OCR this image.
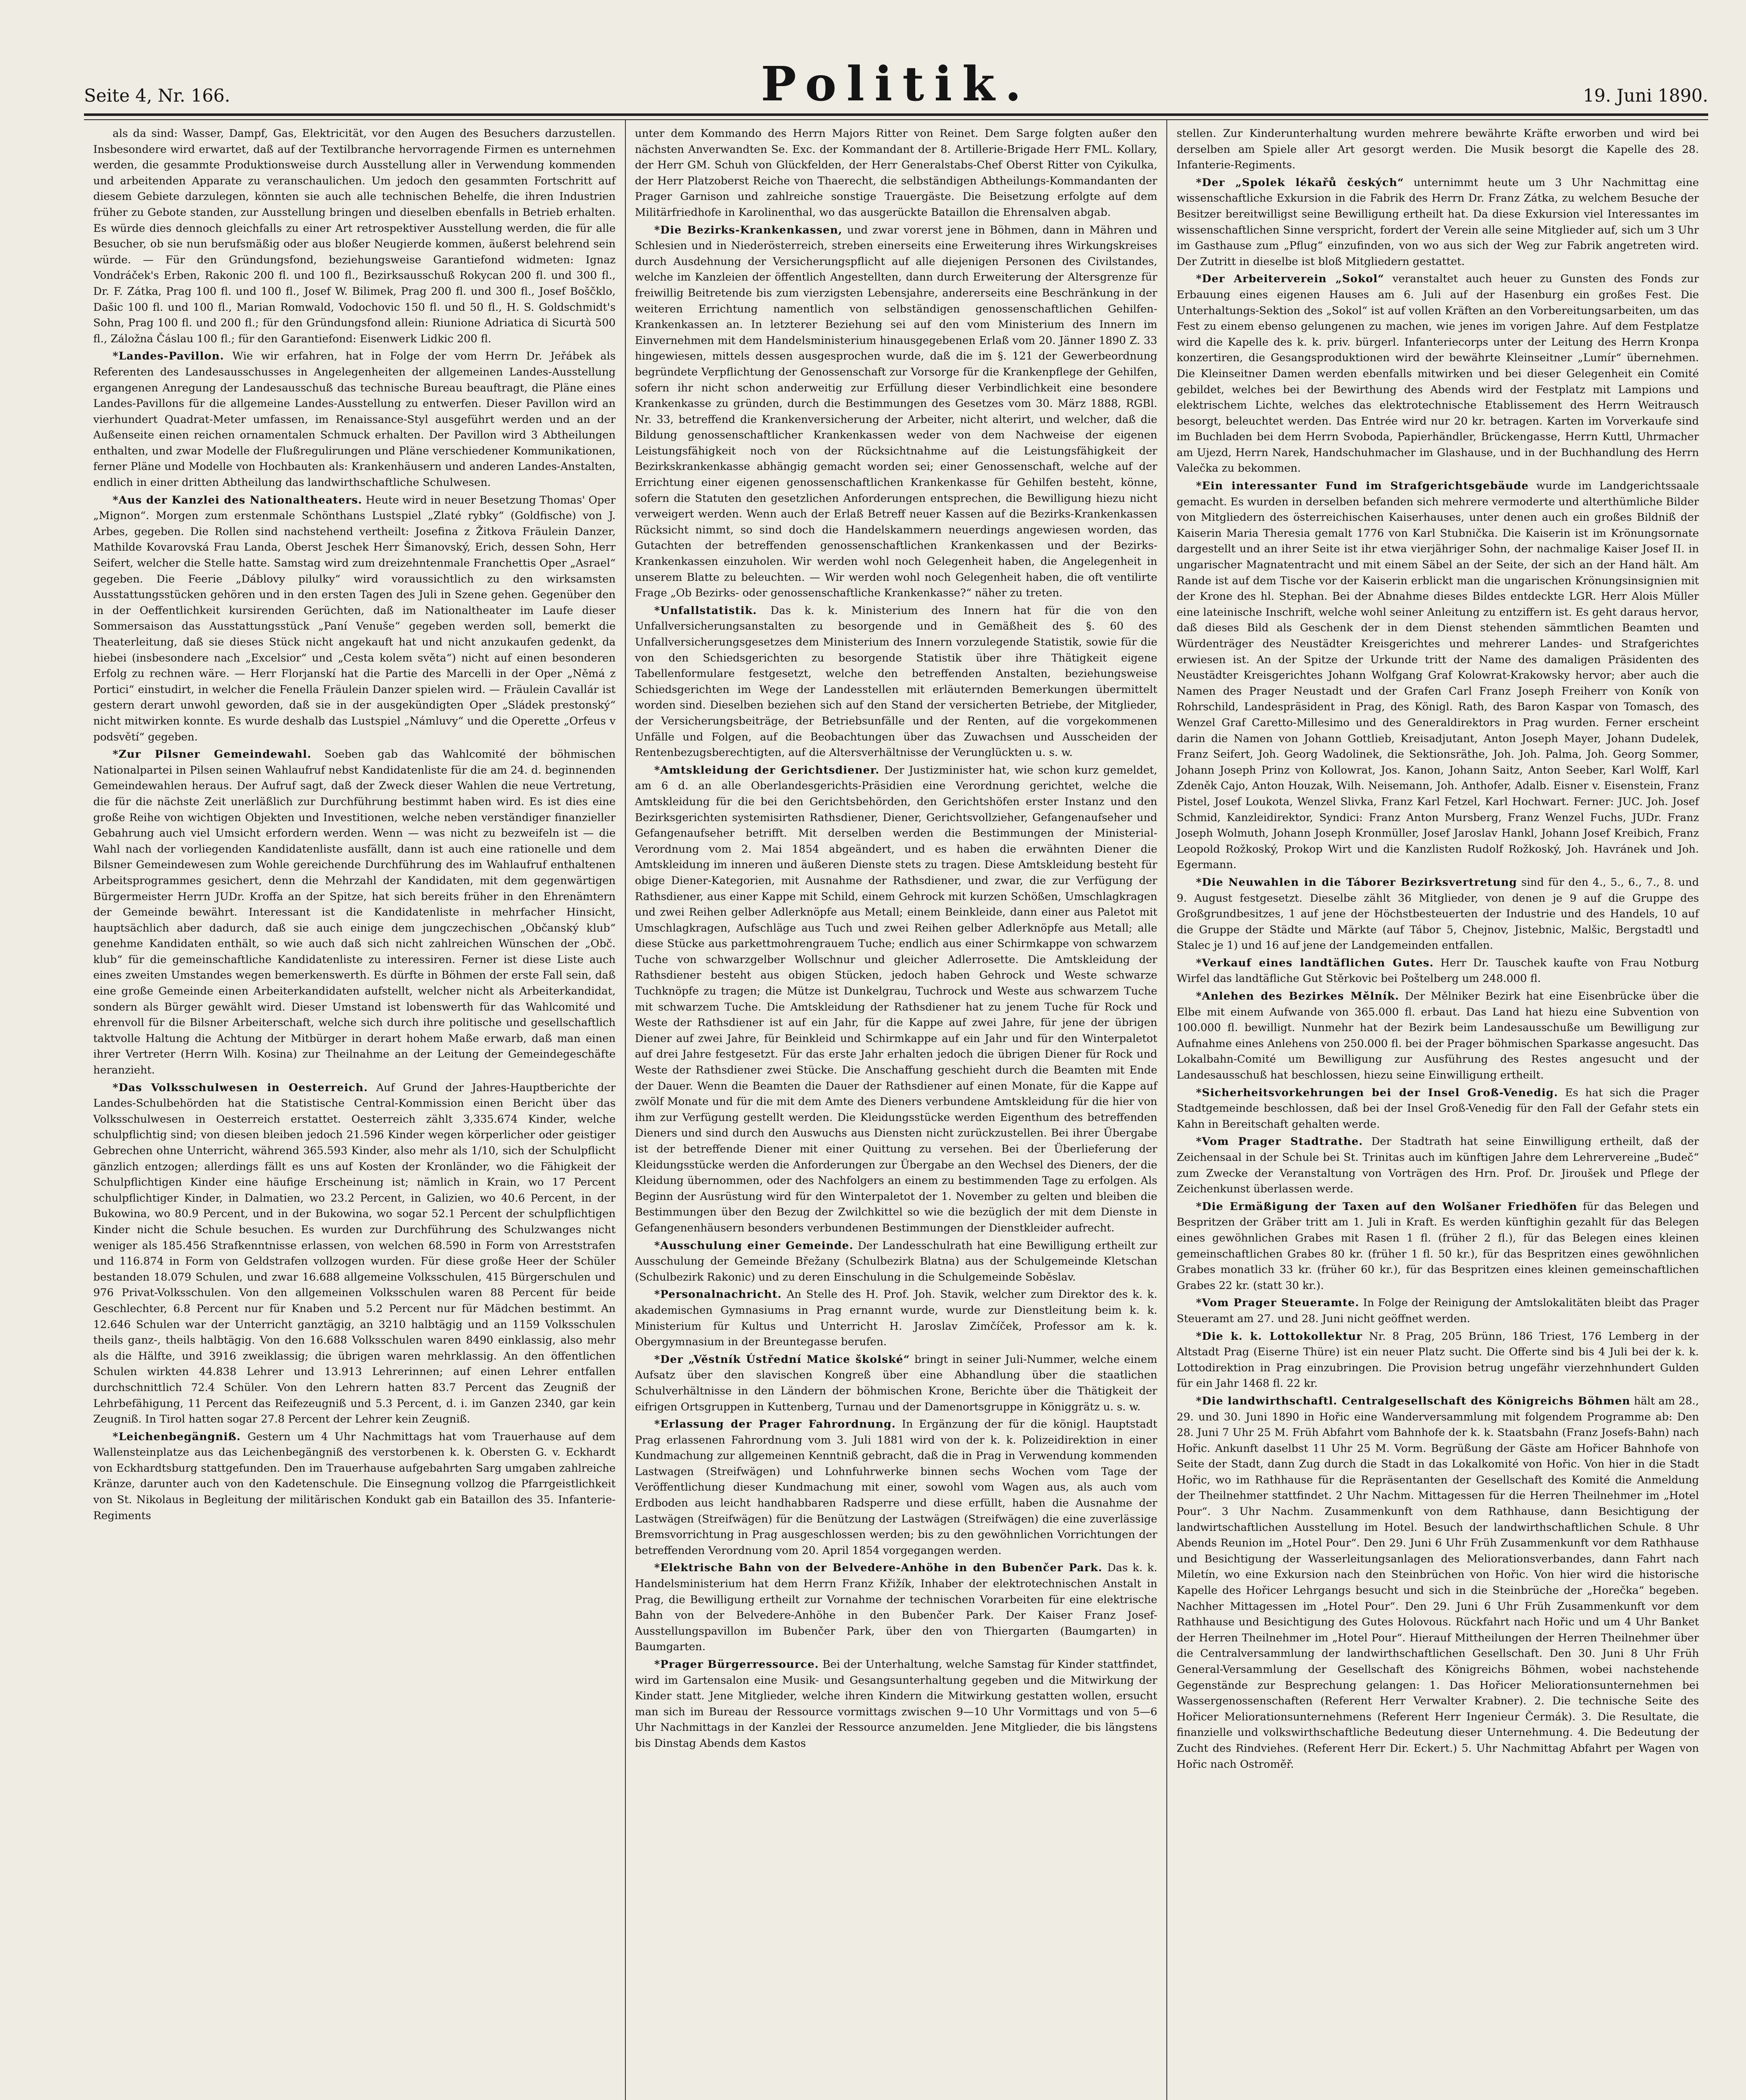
Seite 4, Nr. 166.	Politik.	19. Juni 1890.

als da sind: Wasser, Dampf, Gas, Elektricität, vor den Augen des Besuchers darzustellen. Insbesondere wird erwartet, daß auf der Textilbranche hervorragende Firmen es unternehmen werden, die gesammte Produktionsweise durch Ausstellung aller in Verwendung kommenden und arbeitenden Apparate zu veranschaulichen. Um jedoch den gesammten Fortschritt auf diesem Gebiete darzulegen, könnten sie auch alle technischen Behelfe, die ihren Industrien früher zu Gebote standen, zur Ausstellung bringen und dieselben ebenfalls in Betrieb erhalten. Es würde dies dennoch gleichfalls zu einer Art retrospektiver Ausstellung werden, die für alle Besucher, ob sie nun berufsmäßig oder aus bloßer Neugierde kommen, äußerst belehrend sein würde. — Für den Gründungsfond, beziehungsweise Garantiefond widmeten: Ignaz Vondráček's Erben, Rakonic 200 fl. und 100 fl., Bezirksausschuß Rokycan 200 fl. und 300 fl., Dr. F. Zátka, Prag 100 fl. und 100 fl., Josef W. Bilimek, Prag 200 fl. und 300 fl., Josef Boščklo, Dašic 100 fl. und 100 fl., Marian Romwald, Vodochovic 150 fl. und 50 fl., H. S. Goldschmidt's Sohn, Prag 100 fl. und 200 fl.; für den Gründungsfond allein: Riunione Adriatica di Sicurtà 500 fl., Záložna Čáslau 100 fl.; für den Garantiefond: Eisenwerk Lidkic 200 fl.

*Landes-Pavillon. Wie wir erfahren, hat in Folge der vom Herrn Dr. Jeřábek als Referenten des Landesausschusses in Angelegenheiten der allgemeinen Landes-Ausstellung ergangenen Anregung der Landesausschuß das technische Bureau beauftragt, die Pläne eines Landes-Pavillons für die allgemeine Landes-Ausstellung zu entwerfen. Dieser Pavillon wird an vierhundert Quadrat-Meter umfassen, im Renaissance-Styl ausgeführt werden und an der Außenseite einen reichen ornamentalen Schmuck erhalten. Der Pavillon wird 3 Abtheilungen enthalten, und zwar Modelle der Flußregulirungen und Pläne verschiedener Kommunikationen, ferner Pläne und Modelle von Hochbauten als: Krankenhäusern und anderen Landes-Anstalten, endlich in einer dritten Abtheilung das landwirthschaftliche Schulwesen.

*Aus der Kanzlei des Nationaltheaters. Heute wird in neuer Besetzung Thomas' Oper „Mignon“. Morgen zum erstenmale Schönthans Lustspiel „Zlaté rybky“ (Goldfische) von J. Arbes, gegeben. Die Rollen sind nachstehend vertheilt: Josefina z Žitkova Fräulein Danzer, Mathilde Kovarovská Frau Landa, Oberst Jeschek Herr Šimanovský, Erich, dessen Sohn, Herr Seifert, welcher die Stelle hatte. Samstag wird zum dreizehntenmale Franchettis Oper „Asrael“ gegeben. Die Feerie „Dáblovy pilulky“ wird voraussichtlich zu den wirksamsten Ausstattungsstücken gehören und in den ersten Tagen des Juli in Szene gehen. Gegenüber den in der Oeffentlichkeit kursirenden Gerüchten, daß im Nationaltheater im Laufe dieser Sommersaison das Ausstattungsstück „Paní Venuše“ gegeben werden soll, bemerkt die Theaterleitung, daß sie dieses Stück nicht angekauft hat und nicht anzukaufen gedenkt, da hiebei (insbesondere nach „Excelsior“ und „Cesta kolem světa“) nicht auf einen besonderen Erfolg zu rechnen wäre. — Herr Florjanskí hat die Partie des Marcelli in der Oper „Němá z Portici“ einstudirt, in welcher die Fenella Fräulein Danzer spielen wird. — Fräulein Cavallár ist gestern derart unwohl geworden, daß sie in der ausgekündigten Oper „Sládek prestonský“ nicht mitwirken konnte. Es wurde deshalb das Lustspiel „Námluvy“ und die Operette „Orfeus v podsvětí“ gegeben.

*Zur Pilsner Gemeindewahl. Soeben gab das Wahlcomité der böhmischen Nationalpartei in Pilsen seinen Wahlaufruf nebst Kandidatenliste für die am 24. d. beginnenden Gemeindewahlen heraus. Der Aufruf sagt, daß der Zweck dieser Wahlen die neue Vertretung, die für die nächste Zeit unerläßlich zur Durchführung bestimmt haben wird. Es ist dies eine große Reihe von wichtigen Objekten und Investitionen, welche neben verständiger finanzieller Gebahrung auch viel Umsicht erfordern werden. Wenn — was nicht zu bezweifeln ist — die Wahl nach der vorliegenden Kandidatenliste ausfällt, dann ist auch eine rationelle und dem Bilsner Gemeindewesen zum Wohle gereichende Durchführung des im Wahlaufruf enthaltenen Arbeitsprogrammes gesichert, denn die Mehrzahl der Kandidaten, mit dem gegenwärtigen Bürgermeister Herrn JUDr. Kroffa an der Spitze, hat sich bereits früher in den Ehrenämtern der Gemeinde bewährt. Interessant ist die Kandidatenliste in mehrfacher Hinsicht, hauptsächlich aber dadurch, daß sie auch einige dem jungczechischen „Občanský klub“ genehme Kandidaten enthält, so wie auch daß sich nicht zahlreichen Wünschen der „Obč. klub“ für die gemeinschaftliche Kandidatenliste zu interessiren. Ferner ist diese Liste auch eines zweiten Umstandes wegen bemerkenswerth. Es dürfte in Böhmen der erste Fall sein, daß eine große Gemeinde einen Arbeiterkandidaten aufstellt, welcher nicht als Arbeiterkandidat, sondern als Bürger gewählt wird. Dieser Umstand ist lobenswerth für das Wahlcomité und ehrenvoll für die Bilsner Arbeiterschaft, welche sich durch ihre politische und gesellschaftlich taktvolle Haltung die Achtung der Mitbürger in derart hohem Maße erwarb, daß man einen ihrer Vertreter (Herrn Wilh. Kosina) zur Theilnahme an der Leitung der Gemeindegeschäfte heranzieht.

*Das Volksschulwesen in Oesterreich. Auf Grund der Jahres-Hauptberichte der Landes-Schulbehörden hat die Statistische Central-Kommission einen Bericht über das Volksschulwesen in Oesterreich erstattet. Oesterreich zählt 3,335.674 Kinder, welche schulpflichtig sind; von diesen bleiben jedoch 21.596 Kinder wegen körperlicher oder geistiger Gebrechen ohne Unterricht, während 365.593 Kinder, also mehr als 1/10, sich der Schulpflicht gänzlich entzogen; allerdings fällt es uns auf Kosten der Kronländer, wo die Fähigkeit der Schulpflichtigen Kinder eine häufige Erscheinung ist; nämlich in Krain, wo 17 Percent schulpflichtiger Kinder, in Dalmatien, wo 23.2 Percent, in Galizien, wo 40.6 Percent, in der Bukowina, wo 80.9 Percent, und in der Bukowina, wo sogar 52.1 Percent der schulpflichtigen Kinder nicht die Schule besuchen. Es wurden zur Durchführung des Schulzwanges nicht weniger als 185.456 Strafkenntnisse erlassen, von welchen 68.590 in Form von Arreststrafen und 116.874 in Form von Geldstrafen vollzogen wurden. Für diese große Heer der Schüler bestanden 18.079 Schulen, und zwar 16.688 allgemeine Volksschulen, 415 Bürgerschulen und 976 Privat-Volksschulen. Von den allgemeinen Volksschulen waren 88 Percent für beide Geschlechter, 6.8 Percent nur für Knaben und 5.2 Percent nur für Mädchen bestimmt. An 12.646 Schulen war der Unterricht ganztägig, an 3210 halbtägig und an 1159 Volksschulen theils ganz-, theils halbtägig. Von den 16.688 Volksschulen waren 8490 einklassig, also mehr als die Hälfte, und 3916 zweiklassig; die übrigen waren mehrklassig. An den öffentlichen Schulen wirkten 44.838 Lehrer und 13.913 Lehrerinnen; auf einen Lehrer entfallen durchschnittlich 72.4 Schüler. Von den Lehrern hatten 83.7 Percent das Zeugniß der Lehrbefähigung, 11 Percent das Reifezeugniß und 5.3 Percent, d. i. im Ganzen 2340, gar kein Zeugniß. In Tirol hatten sogar 27.8 Percent der Lehrer kein Zeugniß.

*Leichenbegängniß. Gestern um 4 Uhr Nachmittags hat vom Trauerhause auf dem Wallensteinplatze aus das Leichenbegängniß des verstorbenen k. k. Obersten G. v. Eckhardt von Eckhardtsburg stattgefunden. Den im Trauerhause aufgebahrten Sarg umgaben zahlreiche Kränze, darunter auch von den Kadetenschule. Die Einsegnung vollzog die Pfarrgeistlichkeit von St. Nikolaus in Begleitung der militärischen Kondukt gab ein Bataillon des 35. Infanterie-Regiments

unter dem Kommando des Herrn Majors Ritter von Reinet. Dem Sarge folgten außer den nächsten Anverwandten Se. Exc. der Kommandant der 8. Artillerie-Brigade Herr FML. Kollary, der Herr GM. Schuh von Glückfelden, der Herr Generalstabs-Chef Oberst Ritter von Cyikulka, der Herr Platzoberst Reiche von Thaerecht, die selbständigen Abtheilungs-Kommandanten der Prager Garnison und zahlreiche sonstige Trauergäste. Die Beisetzung erfolgte auf dem Militärfriedhofe in Karolinenthal, wo das ausgerückte Bataillon die Ehrensalven abgab.

*Die Bezirks-Krankenkassen, und zwar vorerst jene in Böhmen, dann in Mähren und Schlesien und in Niederösterreich, streben einerseits eine Erweiterung ihres Wirkungskreises durch Ausdehnung der Versicherungspflicht auf alle diejenigen Personen des Civilstandes, welche im Kanzleien der öffentlich Angestellten, dann durch Erweiterung der Altersgrenze für freiwillig Beitretende bis zum vierzigsten Lebensjahre, andererseits eine Beschränkung in der weiteren Errichtung namentlich von selbständigen genossenschaftlichen Gehilfen-Krankenkassen an. In letzterer Beziehung sei auf den vom Ministerium des Innern im Einvernehmen mit dem Handelsministerium hinausgegebenen Erlaß vom 20. Jänner 1890 Z. 33 hingewiesen, mittels dessen ausgesprochen wurde, daß die im §. 121 der Gewerbeordnung begründete Verpflichtung der Genossenschaft zur Vorsorge für die Krankenpflege der Gehilfen, sofern ihr nicht schon anderweitig zur Erfüllung dieser Verbindlichkeit eine besondere Krankenkasse zu gründen, durch die Bestimmungen des Gesetzes vom 30. März 1888, RGBl. Nr. 33, betreffend die Krankenversicherung der Arbeiter, nicht alterirt, und welcher, daß die Bildung genossenschaftlicher Krankenkassen weder von dem Nachweise der eigenen Leistungsfähigkeit noch von der Rücksichtnahme auf die Leistungsfähigkeit der Bezirkskrankenkasse abhängig gemacht worden sei; einer Genossenschaft, welche auf der Errichtung einer eigenen genossenschaftlichen Krankenkasse für Gehilfen besteht, könne, sofern die Statuten den gesetzlichen Anforderungen entsprechen, die Bewilligung hiezu nicht verweigert werden. Wenn auch der Erlaß Betreff neuer Kassen auf die Bezirks-Krankenkassen Rücksicht nimmt, so sind doch die Handelskammern neuerdings angewiesen worden, das Gutachten der betreffenden genossenschaftlichen Krankenkassen und der Bezirks-Krankenkassen einzuholen. Wir werden wohl noch Gelegenheit haben, die Angelegenheit in unserem Blatte zu beleuchten. — Wir werden wohl noch Gelegenheit haben, die oft ventilirte Frage „Ob Bezirks- oder genossenschaftliche Krankenkasse?“ näher zu treten.

*Unfallstatistik. Das k. k. Ministerium des Innern hat für die von den Unfallversicherungsanstalten zu besorgende und in Gemäßheit des §. 60 des Unfallversicherungsgesetzes dem Ministerium des Innern vorzulegende Statistik, sowie für die von den Schiedsgerichten zu besorgende Statistik über ihre Thätigkeit eigene Tabellenformulare festgesetzt, welche den betreffenden Anstalten, beziehungsweise Schiedsgerichten im Wege der Landesstellen mit erläuternden Bemerkungen übermittelt worden sind. Dieselben beziehen sich auf den Stand der versicherten Betriebe, der Mitglieder, der Versicherungsbeiträge, der Betriebsunfälle und der Renten, auf die vorgekommenen Unfälle und Folgen, auf die Beobachtungen über das Zuwachsen und Ausscheiden der Rentenbezugsberechtigten, auf die Altersverhältnisse der Verunglückten u. s. w.

*Amtskleidung der Gerichtsdiener. Der Justizminister hat, wie schon kurz gemeldet, am 6 d. an alle Oberlandesgerichts-Präsidien eine Verordnung gerichtet, welche die Amtskleidung für die bei den Gerichtsbehörden, den Gerichtshöfen erster Instanz und den Bezirksgerichten systemisirten Rathsdiener, Diener, Gerichtsvollzieher, Gefangenaufseher und Gefangenaufseher betrifft. Mit derselben werden die Bestimmungen der Ministerial-Verordnung vom 2. Mai 1854 abgeändert, und es haben die erwähnten Diener die Amtskleidung im inneren und äußeren Dienste stets zu tragen. Diese Amtskleidung besteht für obige Diener-Kategorien, mit Ausnahme der Rathsdiener, und zwar, die zur Verfügung der Rathsdiener, aus einer Kappe mit Schild, einem Gehrock mit kurzen Schößen, Umschlagkragen und zwei Reihen gelber Adlerknöpfe aus Metall; einem Beinkleide, dann einer aus Paletot mit Umschlagkragen, Aufschläge aus Tuch und zwei Reihen gelber Adlerknöpfe aus Metall; alle diese Stücke aus parkettmohrengrauem Tuche; endlich aus einer Schirmkappe von schwarzem Tuche von schwarzgelber Wollschnur und gleicher Adlerrosette. Die Amtskleidung der Rathsdiener besteht aus obigen Stücken, jedoch haben Gehrock und Weste schwarze Tuchknöpfe zu tragen; die Mütze ist Dunkelgrau, Tuchrock und Weste aus schwarzem Tuche mit schwarzem Tuche. Die Amtskleidung der Rathsdiener hat zu jenem Tuche für Rock und Weste der Rathsdiener ist auf ein Jahr, für die Kappe auf zwei Jahre, für jene der übrigen Diener auf zwei Jahre, für Beinkleid und Schirmkappe auf ein Jahr und für den Winterpaletot auf drei Jahre festgesetzt. Für das erste Jahr erhalten jedoch die übrigen Diener für Rock und Weste der Rathsdiener zwei Stücke. Die Anschaffung geschieht durch die Beamten mit Ende der Dauer. Wenn die Beamten die Dauer der Rathsdiener auf einen Monate, für die Kappe auf zwölf Monate und für die mit dem Amte des Dieners verbundene Amtskleidung für die hier von ihm zur Verfügung gestellt werden. Die Kleidungsstücke werden Eigenthum des betreffenden Dieners und sind durch den Auswuchs aus Diensten nicht zurückzustellen. Bei ihrer Übergabe ist der betreffende Diener mit einer Quittung zu versehen. Bei der Überlieferung der Kleidungsstücke werden die Anforderungen zur Übergabe an den Wechsel des Dieners, der die Kleidung übernommen, oder des Nachfolgers an einem zu bestimmenden Tage zu erfolgen. Als Beginn der Ausrüstung wird für den Winterpaletot der 1. November zu gelten und bleiben die Bestimmungen über den Bezug der Zwilchkittel so wie die bezüglich der mit dem Dienste in Gefangenenhäusern besonders verbundenen Bestimmungen der Dienstkleider aufrecht.

*Ausschulung einer Gemeinde. Der Landesschulrath hat eine Bewilligung ertheilt zur Ausschulung der Gemeinde Břežany (Schulbezirk Blatna) aus der Schulgemeinde Kletschan (Schulbezirk Rakonic) und zu deren Einschulung in die Schulgemeinde Soběslav.

*Personalnachricht. An Stelle des H. Prof. Joh. Stavik, welcher zum Direktor des k. k. akademischen Gymnasiums in Prag ernannt wurde, wurde zur Dienstleitung beim k. k. Ministerium für Kultus und Unterricht H. Jaroslav Zimčíček, Professor am k. k. Obergymnasium in der Breuntegasse berufen.

*Der „Věstník Ústřední Matice školské“ bringt in seiner Juli-Nummer, welche einem Aufsatz über den slavischen Kongreß über eine Abhandlung über die staatlichen Schulverhältnisse in den Ländern der böhmischen Krone, Berichte über die Thätigkeit der eifrigen Ortsgruppen in Kuttenberg, Turnau und der Damenortsgruppe in Königgrätz u. s. w.

*Erlassung der Prager Fahrordnung. In Ergänzung der für die königl. Hauptstadt Prag erlassenen Fahrordnung vom 3. Juli 1881 wird von der k. k. Polizeidirektion in einer Kundmachung zur allgemeinen Kenntniß gebracht, daß die in Prag in Verwendung kommenden Lastwagen (Streifwägen) und Lohnfuhrwerke binnen sechs Wochen vom Tage der Veröffentlichung dieser Kundmachung mit einer, sowohl vom Wagen aus, als auch vom Erdboden aus leicht handhabbaren Radsperre und diese erfüllt, haben die Ausnahme der Lastwägen (Streifwägen) für die Benützung der Lastwägen (Streifwägen) die eine zuverlässige Bremsvorrichtung in Prag ausgeschlossen werden; bis zu den gewöhnlichen Vorrichtungen der betreffenden Verordnung vom 20. April 1854 vorgegangen werden.

*Elektrische Bahn von der Belvedere-Anhöhe in den Bubenčer Park. Das k. k. Handelsministerium hat dem Herrn Franz Křižík, Inhaber der elektrotechnischen Anstalt in Prag, die Bewilligung ertheilt zur Vornahme der technischen Vorarbeiten für eine elektrische Bahn von der Belvedere-Anhöhe in den Bubenčer Park. Der Kaiser Franz Josef-Ausstellungspavillon im Bubenčer Park, über den von Thiergarten (Baumgarten) in Baumgarten.

*Prager Bürgerressource. Bei der Unterhaltung, welche Samstag für Kinder stattfindet, wird im Gartensalon eine Musik- und Gesangsunterhaltung gegeben und die Mitwirkung der Kinder statt. Jene Mitglieder, welche ihren Kindern die Mitwirkung gestatten wollen, ersucht man sich im Bureau der Ressource vormittags zwischen 9—10 Uhr Vormittags und von 5—6 Uhr Nachmittags in der Kanzlei der Ressource anzumelden. Jene Mitglieder, die bis längstens bis Dinstag Abends dem Kastos

stellen. Zur Kinderunterhaltung wurden mehrere bewährte Kräfte erworben und wird bei derselben am Spiele aller Art gesorgt werden. Die Musik besorgt die Kapelle des 28. Infanterie-Regiments.

*Der „Spolek lékařů českých“ unternimmt heute um 3 Uhr Nachmittag eine wissenschaftliche Exkursion in die Fabrik des Herrn Dr. Franz Zátka, zu welchem Besuche der Besitzer bereitwilligst seine Bewilligung ertheilt hat. Da diese Exkursion viel Interessantes im wissenschaftlichen Sinne verspricht, fordert der Verein alle seine Mitglieder auf, sich um 3 Uhr im Gasthause zum „Pflug“ einzufinden, von wo aus sich der Weg zur Fabrik angetreten wird. Der Zutritt in dieselbe ist bloß Mitgliedern gestattet.

*Der Arbeiterverein „Sokol“ veranstaltet auch heuer zu Gunsten des Fonds zur Erbauung eines eigenen Hauses am 6. Juli auf der Hasenburg ein großes Fest. Die Unterhaltungs-Sektion des „Sokol“ ist auf vollen Kräften an den Vorbereitungsarbeiten, um das Fest zu einem ebenso gelungenen zu machen, wie jenes im vorigen Jahre. Auf dem Festplatze wird die Kapelle des k. k. priv. bürgerl. Infanteriecorps unter der Leitung des Herrn Kronpa konzertiren, die Gesangsproduktionen wird der bewährte Kleinseitner „Lumír“ übernehmen. Die Kleinseitner Damen werden ebenfalls mitwirken und bei dieser Gelegenheit ein Comité gebildet, welches bei der Bewirthung des Abends wird der Festplatz mit Lampions und elektrischem Lichte, welches das elektrotechnische Etablissement des Herrn Weitrausch besorgt, beleuchtet werden. Das Entrée wird nur 20 kr. betragen. Karten im Vorverkaufe sind im Buchladen bei dem Herrn Svoboda, Papierhändler, Brückengasse, Herrn Kuttl, Uhrmacher am Ujezd, Herrn Narek, Handschuhmacher im Glashause, und in der Buchhandlung des Herrn Valečka zu bekommen.

*Ein interessanter Fund im Strafgerichtsgebäude wurde im Landgerichtssaale gemacht. Es wurden in derselben befanden sich mehrere vermoderte und alterthümliche Bilder von Mitgliedern des österreichischen Kaiserhauses, unter denen auch ein großes Bildniß der Kaiserin Maria Theresia gemalt 1776 von Karl Stubnička. Die Kaiserin ist im Krönungsornate dargestellt und an ihrer Seite ist ihr etwa vierjähriger Sohn, der nachmalige Kaiser Josef II. in ungarischer Magnatentracht und mit einem Säbel an der Seite, der sich an der Hand hält. Am Rande ist auf dem Tische vor der Kaiserin erblickt man die ungarischen Krönungsinsignien mit der Krone des hl. Stephan. Bei der Abnahme dieses Bildes entdeckte LGR. Herr Alois Müller eine lateinische Inschrift, welche wohl seiner Anleitung zu entziffern ist. Es geht daraus hervor, daß dieses Bild als Geschenk der in dem Dienst stehenden sämmtlichen Beamten und Würdenträger des Neustädter Kreisgerichtes und mehrerer Landes- und Strafgerichtes erwiesen ist. An der Spitze der Urkunde tritt der Name des damaligen Präsidenten des Neustädter Kreisgerichtes Johann Wolfgang Graf Kolowrat-Krakowsky hervor; aber auch die Namen des Prager Neustadt und der Grafen Carl Franz Joseph Freiherr von Koník von Rohrschild, Landespräsident in Prag, des Königl. Rath, des Baron Kaspar von Tomasch, des Wenzel Graf Caretto-Millesimo und des Generaldirektors in Prag wurden. Ferner erscheint darin die Namen von Johann Gottlieb, Kreisadjutant, Anton Joseph Mayer, Johann Dudelek, Franz Seifert, Joh. Georg Wadolinek, die Sektionsräthe, Joh. Joh. Palma, Joh. Georg Sommer, Johann Joseph Prinz von Kollowrat, Jos. Kanon, Johann Saitz, Anton Seeber, Karl Wolff, Karl Zdeněk Cajo, Anton Houzak, Wilh. Neisemann, Joh. Anthofer, Adalb. Eisner v. Eisenstein, Franz Pistel, Josef Loukota, Wenzel Slivka, Franz Karl Fetzel, Karl Hochwart. Ferner: JUC. Joh. Josef Schmid, Kanzleidirektor, Syndici: Franz Anton Mursberg, Franz Wenzel Fuchs, JUDr. Franz Joseph Wolmuth, Johann Joseph Kronmüller, Josef Jaroslav Hankl, Johann Josef Kreibich, Franz Leopold Rožkoský, Prokop Wirt und die Kanzlisten Rudolf Rožkoský, Joh. Havránek und Joh. Egermann.

*Die Neuwahlen in die Táborer Bezirksvertretung sind für den 4., 5., 6., 7., 8. und 9. August festgesetzt. Dieselbe zählt 36 Mitglieder, von denen je 9 auf die Gruppe des Großgrundbesitzes, 1 auf jene der Höchstbesteuerten der Industrie und des Handels, 10 auf die Gruppe der Städte und Märkte (auf Tábor 5, Chejnov, Jistebnic, Malšic, Bergstadtl und Stalec je 1) und 16 auf jene der Landgemeinden entfallen.

*Verkauf eines landtäflichen Gutes. Herr Dr. Tauschek kaufte von Frau Notburg Wirfel das landtäfliche Gut Stěrkovic bei Poštelberg um 248.000 fl.

*Anlehen des Bezirkes Mělník. Der Mělniker Bezirk hat eine Eisenbrücke über die Elbe mit einem Aufwande von 365.000 fl. erbaut. Das Land hat hiezu eine Subvention von 100.000 fl. bewilligt. Nunmehr hat der Bezirk beim Landesausschuße um Bewilligung zur Aufnahme eines Anlehens von 250.000 fl. bei der Prager böhmischen Sparkasse angesucht. Das Lokalbahn-Comité um Bewilligung zur Ausführung des Restes angesucht und der Landesausschuß hat beschlossen, hiezu seine Einwilligung ertheilt.

*Sicherheitsvorkehrungen bei der Insel Groß-Venedig. Es hat sich die Prager Stadtgemeinde beschlossen, daß bei der Insel Groß-Venedig für den Fall der Gefahr stets ein Kahn in Bereitschaft gehalten werde.

*Vom Prager Stadtrathe. Der Stadtrath hat seine Einwilligung ertheilt, daß der Zeichensaal in der Schule bei St. Trinitas auch im künftigen Jahre dem Lehrervereine „Budeč“ zum Zwecke der Veranstaltung von Vorträgen des Hrn. Prof. Dr. Jiroušek und Pflege der Zeichenkunst überlassen werde.

*Die Ermäßigung der Taxen auf den Wolšaner Friedhöfen für das Belegen und Bespritzen der Gräber tritt am 1. Juli in Kraft. Es werden künftighin gezahlt für das Belegen eines gewöhnlichen Grabes mit Rasen 1 fl. (früher 2 fl.), für das Belegen eines kleinen gemeinschaftlichen Grabes 80 kr. (früher 1 fl. 50 kr.), für das Bespritzen eines gewöhnlichen Grabes monatlich 33 kr. (früher 60 kr.), für das Bespritzen eines kleinen gemeinschaftlichen Grabes 22 kr. (statt 30 kr.).

*Vom Prager Steueramte. In Folge der Reinigung der Amtslokalitäten bleibt das Prager Steueramt am 27. und 28. Juni nicht geöffnet werden.

*Die k. k. Lottokollektur Nr. 8 Prag, 205 Brünn, 186 Triest, 176 Lemberg in der Altstadt Prag (Eiserne Thüre) ist ein neuer Platz sucht. Die Offerte sind bis 4 Juli bei der k. k. Lottodirektion in Prag einzubringen. Die Provision betrug ungefähr vierzehnhundert Gulden für ein Jahr 1468 fl. 22 kr.

*Die landwirthschaftl. Centralgesellschaft des Königreichs Böhmen hält am 28., 29. und 30. Juni 1890 in Hořic eine Wanderversammlung mit folgendem Programme ab: Den 28. Juni 7 Uhr 25 M. Früh Abfahrt vom Bahnhofe der k. k. Staatsbahn (Franz Josefs-Bahn) nach Hořic. Ankunft daselbst 11 Uhr 25 M. Vorm. Begrüßung der Gäste am Hořicer Bahnhofe von Seite der Stadt, dann Zug durch die Stadt in das Lokalkomité von Hořic. Von hier in die Stadt Hořic, wo im Rathhause für die Repräsentanten der Gesellschaft des Komité die Anmeldung der Theilnehmer stattfindet. 2 Uhr Nachm. Mittagessen für die Herren Theilnehmer im „Hotel Pour“. 3 Uhr Nachm. Zusammenkunft von dem Rathhause, dann Besichtigung der landwirtschaftlichen Ausstellung im Hotel. Besuch der landwirthschaftlichen Schule. 8 Uhr Abends Reunion im „Hotel Pour“. Den 29. Juni 6 Uhr Früh Zusammenkunft vor dem Rathhause und Besichtigung der Wasserleitungsanlagen des Meliorationsverbandes, dann Fahrt nach Miletín, wo eine Exkursion nach den Steinbrüchen von Hořic. Von hier wird die historische Kapelle des Hořicer Lehrgangs besucht und sich in die Steinbrüche der „Horečka“ begeben. Nachher Mittagessen im „Hotel Pour“. Den 29. Juni 6 Uhr Früh Zusammenkunft vor dem Rathhause und Besichtigung des Gutes Holovous. Rückfahrt nach Hořic und um 4 Uhr Banket der Herren Theilnehmer im „Hotel Pour“. Hierauf Mittheilungen der Herren Theilnehmer über die Centralversammlung der landwirthschaftlichen Gesellschaft. Den 30. Juni 8 Uhr Früh General-Versammlung der Gesellschaft des Königreichs Böhmen, wobei nachstehende Gegenstände zur Besprechung gelangen: 1. Das Hořicer Meliorationsunternehmen bei Wassergenossenschaften (Referent Herr Verwalter Krabner). 2. Die technische Seite des Hořicer Meliorationsunternehmens (Referent Herr Ingenieur Čermák). 3. Die Resultate, die finanzielle und volkswirthschaftliche Bedeutung dieser Unternehmung. 4. Die Bedeutung der Zucht des Rindviehes. (Referent Herr Dir. Eckert.) 5. Uhr Nachmittag Abfahrt per Wagen von Hořic nach Ostroměř.
